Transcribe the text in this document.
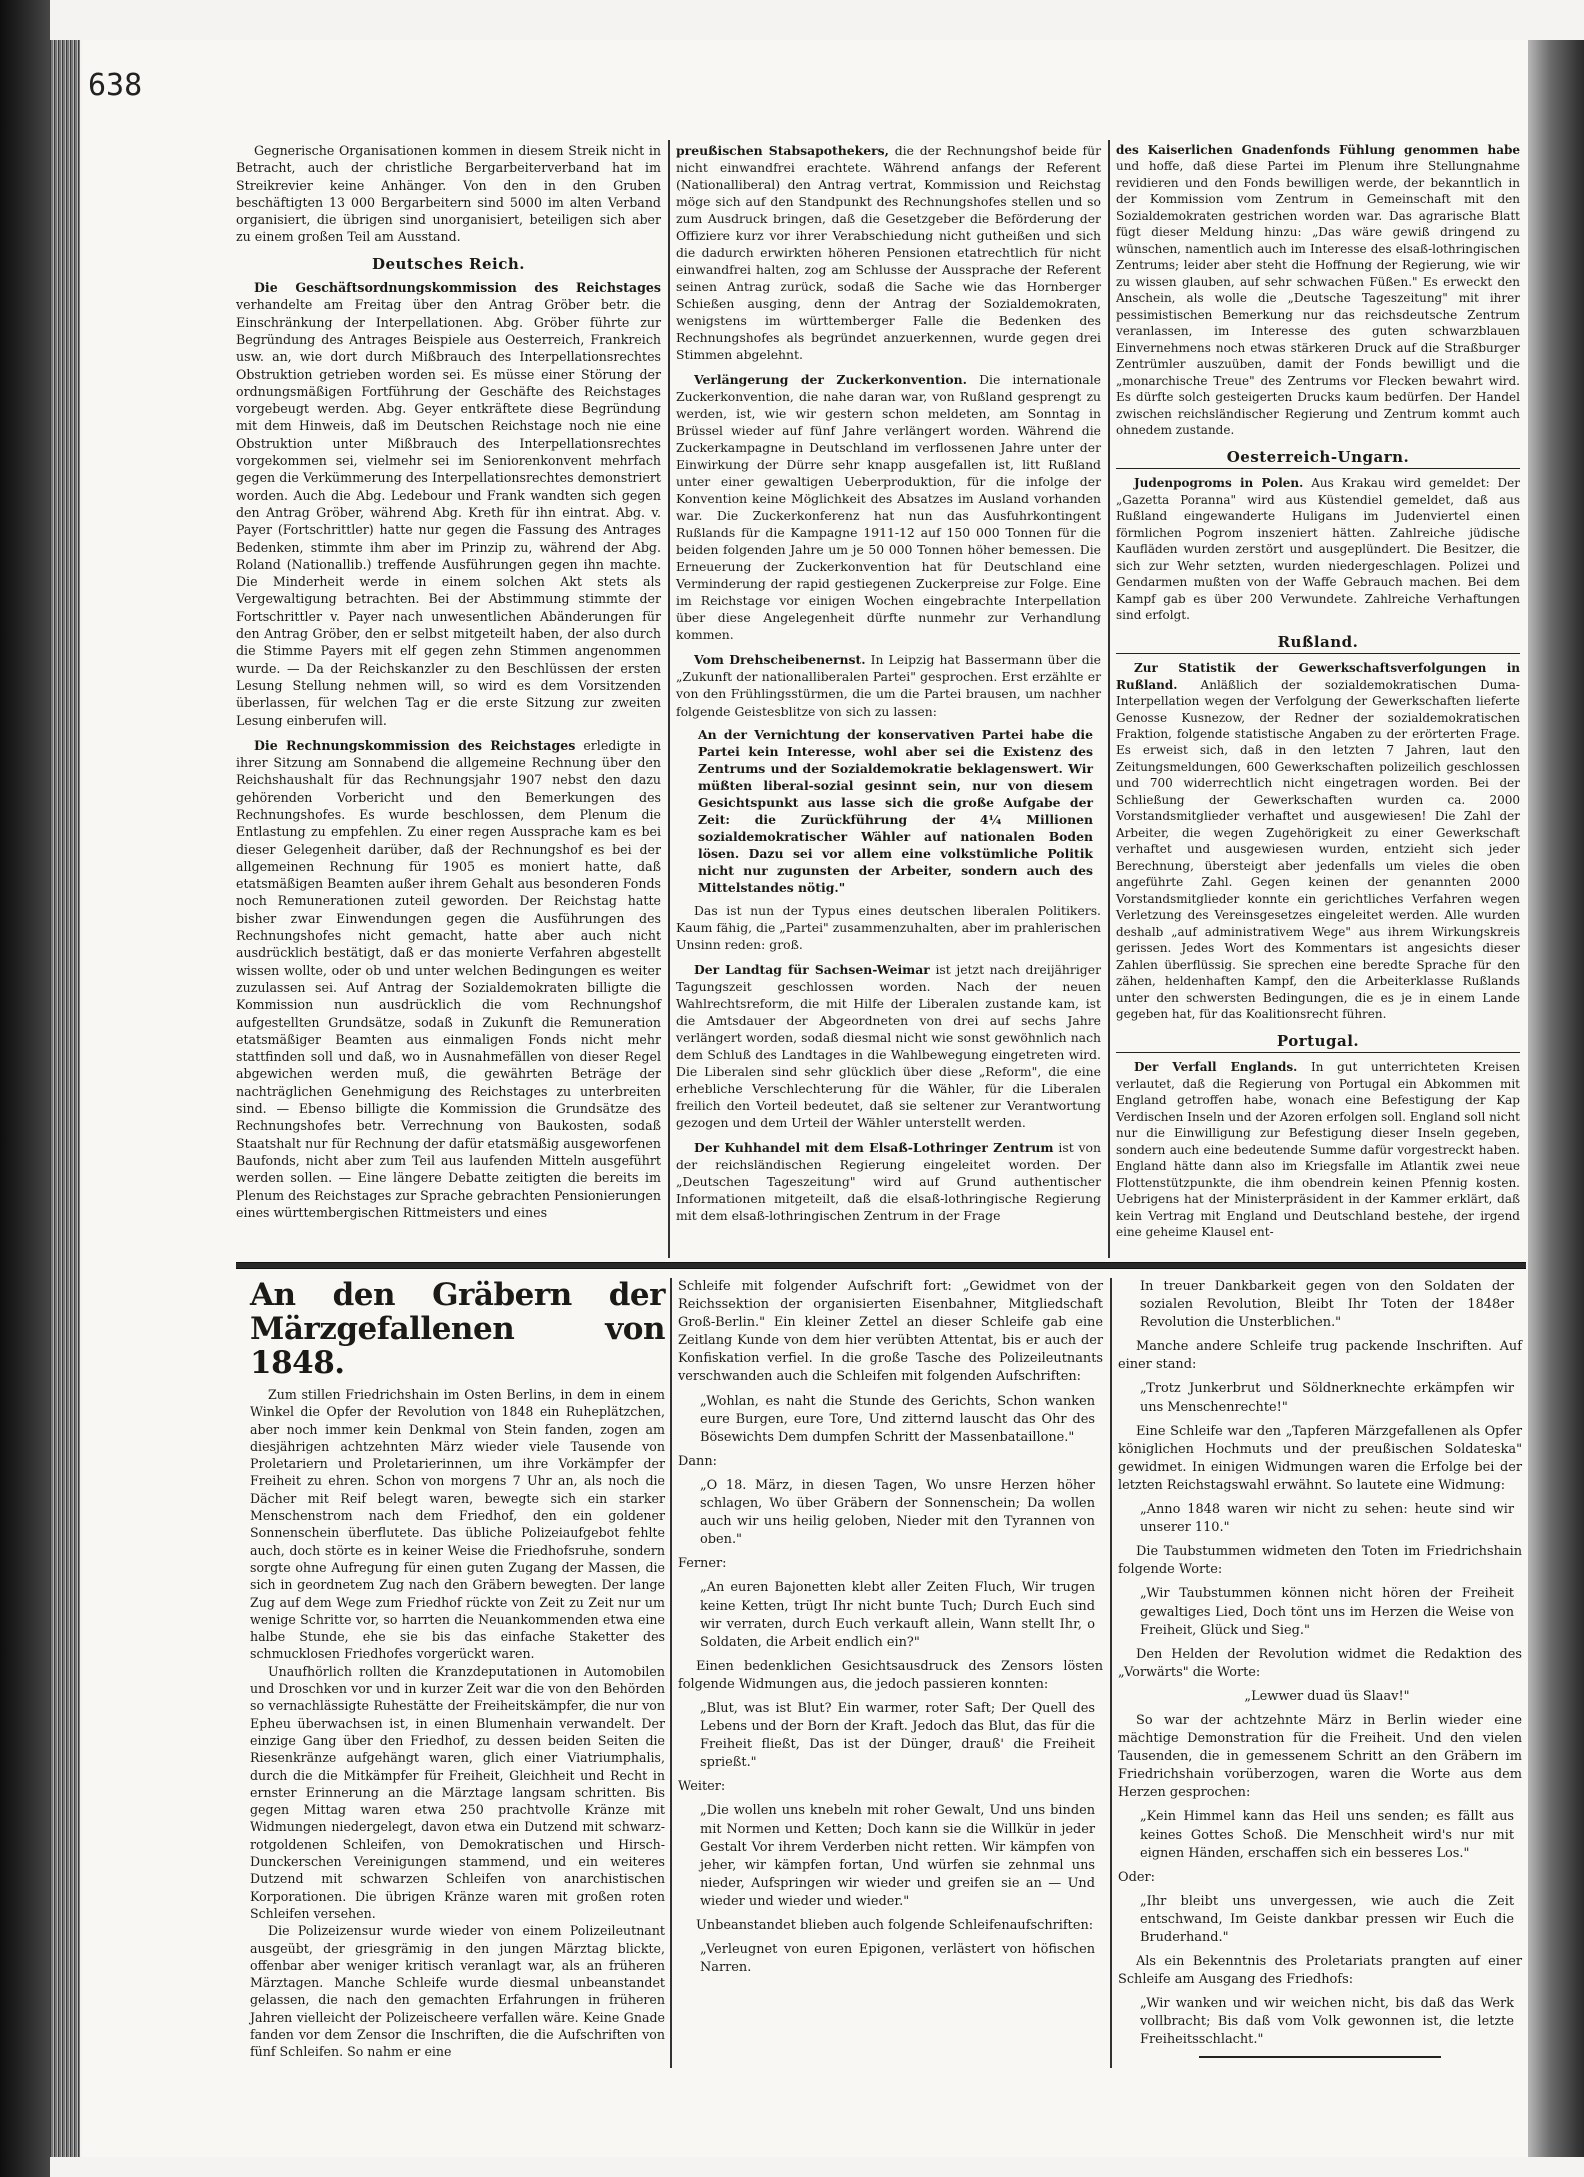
638

Gegnerische Organisationen kommen in diesem Streik nicht in Betracht, auch der christliche Bergarbeiterverband hat im Streikrevier keine Anhänger. Von den in den Gruben beschäftigten 13 000 Bergarbeitern sind 5000 im alten Verband organisiert, die übrigen sind unorganisiert, beteiligen sich aber zu einem großen Teil am Ausstand.

Deutsches Reich.

Die Geschäftsordnungskommission des Reichstages verhandelte am Freitag über den Antrag Gröber betr. die Einschränkung der Interpellationen. Abg. Gröber führte zur Begründung des Antrages Beispiele aus Oesterreich, Frankreich usw. an, wie dort durch Mißbrauch des Interpellationsrechtes Obstruktion getrieben worden sei. Es müsse einer Störung der ordnungsmäßigen Fortführung der Geschäfte des Reichstages vorgebeugt werden. Abg. Geyer entkräftete diese Begründung mit dem Hinweis, daß im Deutschen Reichstage noch nie eine Obstruktion unter Mißbrauch des Interpellationsrechtes vorgekommen sei, vielmehr sei im Seniorenkonvent mehrfach gegen die Verkümmerung des Interpellationsrechtes demonstriert worden. Auch die Abg. Ledebour und Frank wandten sich gegen den Antrag Gröber, während Abg. Kreth für ihn eintrat. Abg. v. Payer (Fortschrittler) hatte nur gegen die Fassung des Antrages Bedenken, stimmte ihm aber im Prinzip zu, während der Abg. Roland (Nationallib.) treffende Ausführungen gegen ihn machte. Die Minderheit werde in einem solchen Akt stets als Vergewaltigung betrachten. Bei der Abstimmung stimmte der Fortschrittler v. Payer nach unwesentlichen Abänderungen für den Antrag Gröber, den er selbst mitgeteilt haben, der also durch die Stimme Payers mit elf gegen zehn Stimmen angenommen wurde. — Da der Reichskanzler zu den Beschlüssen der ersten Lesung Stellung nehmen will, so wird es dem Vorsitzenden überlassen, für welchen Tag er die erste Sitzung zur zweiten Lesung einberufen will.

Die Rechnungskommission des Reichstages erledigte in ihrer Sitzung am Sonnabend die allgemeine Rechnung über den Reichshaushalt für das Rechnungsjahr 1907 nebst den dazu gehörenden Vorbericht und den Bemerkungen des Rechnungshofes. Es wurde beschlossen, dem Plenum die Entlastung zu empfehlen. Zu einer regen Aussprache kam es bei dieser Gelegenheit darüber, daß der Rechnungshof es bei der allgemeinen Rechnung für 1905 es moniert hatte, daß etatsmäßigen Beamten außer ihrem Gehalt aus besonderen Fonds noch Remunerationen zuteil geworden. Der Reichstag hatte bisher zwar Einwendungen gegen die Ausführungen des Rechnungshofes nicht gemacht, hatte aber auch nicht ausdrücklich bestätigt, daß er das monierte Verfahren abgestellt wissen wollte, oder ob und unter welchen Bedingungen es weiter zuzulassen sei. Auf Antrag der Sozialdemokraten billigte die Kommission nun ausdrücklich die vom Rechnungshof aufgestellten Grundsätze, sodaß in Zukunft die Remuneration etatsmäßiger Beamten aus einmaligen Fonds nicht mehr stattfinden soll und daß, wo in Ausnahmefällen von dieser Regel abgewichen werden muß, die gewährten Beträge der nachträglichen Genehmigung des Reichstages zu unterbreiten sind. — Ebenso billigte die Kommission die Grundsätze des Rechnungshofes betr. Verrechnung von Baukosten, sodaß Staatshalt nur für Rechnung der dafür etatsmäßig ausgeworfenen Baufonds, nicht aber zum Teil aus laufenden Mitteln ausgeführt werden sollen. — Eine längere Debatte zeitigten die bereits im Plenum des Reichstages zur Sprache gebrachten Pensionierungen eines württembergischen Rittmeisters und eines

preußischen Stabsapothekers, die der Rechnungshof beide für nicht einwandfrei erachtete. Während anfangs der Referent (Nationalliberal) den Antrag vertrat, Kommission und Reichstag möge sich auf den Standpunkt des Rechnungshofes stellen und so zum Ausdruck bringen, daß die Gesetzgeber die Beförderung der Offiziere kurz vor ihrer Verabschiedung nicht gutheißen und sich die dadurch erwirkten höheren Pensionen etatrechtlich für nicht einwandfrei halten, zog am Schlusse der Aussprache der Referent seinen Antrag zurück, sodaß die Sache wie das Hornberger Schießen ausging, denn der Antrag der Sozialdemokraten, wenigstens im württemberger Falle die Bedenken des Rechnungshofes als begründet anzuerkennen, wurde gegen drei Stimmen abgelehnt.

Verlängerung der Zuckerkonvention. Die internationale Zuckerkonvention, die nahe daran war, von Rußland gesprengt zu werden, ist, wie wir gestern schon meldeten, am Sonntag in Brüssel wieder auf fünf Jahre verlängert worden. Während die Zuckerkampagne in Deutschland im verflossenen Jahre unter der Einwirkung der Dürre sehr knapp ausgefallen ist, litt Rußland unter einer gewaltigen Ueberproduktion, für die infolge der Konvention keine Möglichkeit des Absatzes im Ausland vorhanden war. Die Zuckerkonferenz hat nun das Ausfuhrkontingent Rußlands für die Kampagne 1911-12 auf 150 000 Tonnen für die beiden folgenden Jahre um je 50 000 Tonnen höher bemessen. Die Erneuerung der Zuckerkonvention hat für Deutschland eine Verminderung der rapid gestiegenen Zuckerpreise zur Folge. Eine im Reichstage vor einigen Wochen eingebrachte Interpellation über diese Angelegenheit dürfte nunmehr zur Verhandlung kommen.

Vom Drehscheibenernst. In Leipzig hat Bassermann über die „Zukunft der nationalliberalen Partei" gesprochen. Erst erzählte er von den Frühlingsstürmen, die um die Partei brausen, um nachher folgende Geistesblitze von sich zu lassen:

An der Vernichtung der konservativen Partei habe die Partei kein Interesse, wohl aber sei die Existenz des Zentrums und der Sozialdemokratie beklagenswert. Wir müßten liberal-sozial gesinnt sein, nur von diesem Gesichtspunkt aus lasse sich die große Aufgabe der Zeit: die Zurückführung der 4¼ Millionen sozialdemokratischer Wähler auf nationalen Boden lösen. Dazu sei vor allem eine volkstümliche Politik nicht nur zugunsten der Arbeiter, sondern auch des Mittelstandes nötig."

Das ist nun der Typus eines deutschen liberalen Politikers. Kaum fähig, die „Partei" zusammenzuhalten, aber im prahlerischen Unsinn reden: groß.

Der Landtag für Sachsen-Weimar ist jetzt nach dreijähriger Tagungszeit geschlossen worden. Nach der neuen Wahlrechtsreform, die mit Hilfe der Liberalen zustande kam, ist die Amtsdauer der Abgeordneten von drei auf sechs Jahre verlängert worden, sodaß diesmal nicht wie sonst gewöhnlich nach dem Schluß des Landtages in die Wahlbewegung eingetreten wird. Die Liberalen sind sehr glücklich über diese „Reform", die eine erhebliche Verschlechterung für die Wähler, für die Liberalen freilich den Vorteil bedeutet, daß sie seltener zur Verantwortung gezogen und dem Urteil der Wähler unterstellt werden.

Der Kuhhandel mit dem Elsaß-Lothringer Zentrum ist von der reichsländischen Regierung eingeleitet worden. Der „Deutschen Tageszeitung" wird auf Grund authentischer Informationen mitgeteilt, daß die elsaß-lothringische Regierung mit dem elsaß-lothringischen Zentrum in der Frage

des Kaiserlichen Gnadenfonds Fühlung genommen habe und hoffe, daß diese Partei im Plenum ihre Stellungnahme revidieren und den Fonds bewilligen werde, der bekanntlich in der Kommission vom Zentrum in Gemeinschaft mit den Sozialdemokraten gestrichen worden war. Das agrarische Blatt fügt dieser Meldung hinzu: „Das wäre gewiß dringend zu wünschen, namentlich auch im Interesse des elsaß-lothringischen Zentrums; leider aber steht die Hoffnung der Regierung, wie wir zu wissen glauben, auf sehr schwachen Füßen." Es erweckt den Anschein, als wolle die „Deutsche Tageszeitung" mit ihrer pessimistischen Bemerkung nur das reichsdeutsche Zentrum veranlassen, im Interesse des guten schwarzblauen Einvernehmens noch etwas stärkeren Druck auf die Straßburger Zentrümler auszuüben, damit der Fonds bewilligt und die „monarchische Treue" des Zentrums vor Flecken bewahrt wird. Es dürfte solch gesteigerten Drucks kaum bedürfen. Der Handel zwischen reichsländischer Regierung und Zentrum kommt auch ohnedem zustande.

Oesterreich-Ungarn.

Judenpogroms in Polen. Aus Krakau wird gemeldet: Der „Gazetta Poranna" wird aus Küstendiel gemeldet, daß aus Rußland eingewanderte Huligans im Judenviertel einen förmlichen Pogrom inszeniert hätten. Zahlreiche jüdische Kaufläden wurden zerstört und ausgeplündert. Die Besitzer, die sich zur Wehr setzten, wurden niedergeschlagen. Polizei und Gendarmen mußten von der Waffe Gebrauch machen. Bei dem Kampf gab es über 200 Verwundete. Zahlreiche Verhaftungen sind erfolgt.

Rußland.

Zur Statistik der Gewerkschaftsverfolgungen in Rußland. Anläßlich der sozialdemokratischen Duma-Interpellation wegen der Verfolgung der Gewerkschaften lieferte Genosse Kusnezow, der Redner der sozialdemokratischen Fraktion, folgende statistische Angaben zu der erörterten Frage. Es erweist sich, daß in den letzten 7 Jahren, laut den Zeitungsmeldungen, 600 Gewerkschaften polizeilich geschlossen und 700 widerrechtlich nicht eingetragen worden. Bei der Schließung der Gewerkschaften wurden ca. 2000 Vorstandsmitglieder verhaftet und ausgewiesen! Die Zahl der Arbeiter, die wegen Zugehörigkeit zu einer Gewerkschaft verhaftet und ausgewiesen wurden, entzieht sich jeder Berechnung, übersteigt aber jedenfalls um vieles die oben angeführte Zahl. Gegen keinen der genannten 2000 Vorstandsmitglieder konnte ein gerichtliches Verfahren wegen Verletzung des Vereinsgesetzes eingeleitet werden. Alle wurden deshalb „auf administrativem Wege" aus ihrem Wirkungskreis gerissen. Jedes Wort des Kommentars ist angesichts dieser Zahlen überflüssig. Sie sprechen eine beredte Sprache für den zähen, heldenhaften Kampf, den die Arbeiterklasse Rußlands unter den schwersten Bedingungen, die es je in einem Lande gegeben hat, für das Koalitionsrecht führen.

Portugal.

Der Verfall Englands. In gut unterrichteten Kreisen verlautet, daß die Regierung von Portugal ein Abkommen mit England getroffen habe, wonach eine Befestigung der Kap Verdischen Inseln und der Azoren erfolgen soll. England soll nicht nur die Einwilligung zur Befestigung dieser Inseln gegeben, sondern auch eine bedeutende Summe dafür vorgestreckt haben. England hätte dann also im Kriegsfalle im Atlantik zwei neue Flottenstützpunkte, die ihm obendrein keinen Pfennig kosten. Uebrigens hat der Ministerpräsident in der Kammer erklärt, daß kein Vertrag mit England und Deutschland bestehe, der irgend eine geheime Klausel ent-

An den Gräbern der Märzgefallenen von 1848.

Zum stillen Friedrichshain im Osten Berlins, in dem in einem Winkel die Opfer der Revolution von 1848 ein Ruheplätzchen, aber noch immer kein Denkmal von Stein fanden, zogen am diesjährigen achtzehnten März wieder viele Tausende von Proletariern und Proletarierinnen, um ihre Vorkämpfer der Freiheit zu ehren. Schon von morgens 7 Uhr an, als noch die Dächer mit Reif belegt waren, bewegte sich ein starker Menschenstrom nach dem Friedhof, den ein goldener Sonnenschein überflutete. Das übliche Polizeiaufgebot fehlte auch, doch störte es in keiner Weise die Friedhofsruhe, sondern sorgte ohne Aufregung für einen guten Zugang der Massen, die sich in geordnetem Zug nach den Gräbern bewegten. Der lange Zug auf dem Wege zum Friedhof rückte von Zeit zu Zeit nur um wenige Schritte vor, so harrten die Neuankommenden etwa eine halbe Stunde, ehe sie bis das einfache Staketter des schmucklosen Friedhofes vorgerückt waren.

Unaufhörlich rollten die Kranzdeputationen in Automobilen und Droschken vor und in kurzer Zeit war die von den Behörden so vernachlässigte Ruhestätte der Freiheitskämpfer, die nur von Epheu überwachsen ist, in einen Blumenhain verwandelt. Der einzige Gang über den Friedhof, zu dessen beiden Seiten die Riesenkränze aufgehängt waren, glich einer Viatriumphalis, durch die die Mitkämpfer für Freiheit, Gleichheit und Recht in ernster Erinnerung an die Märztage langsam schritten. Bis gegen Mittag waren etwa 250 prachtvolle Kränze mit Widmungen niedergelegt, davon etwa ein Dutzend mit schwarz-rotgoldenen Schleifen, von Demokratischen und Hirsch-Dunckerschen Vereinigungen stammend, und ein weiteres Dutzend mit schwarzen Schleifen von anarchistischen Korporationen. Die übrigen Kränze waren mit großen roten Schleifen versehen.

Die Polizeizensur wurde wieder von einem Polizeileutnant ausgeübt, der griesgrämig in den jungen Märztag blickte, offenbar aber weniger kritisch veranlagt war, als an früheren Märztagen. Manche Schleife wurde diesmal unbeanstandet gelassen, die nach den gemachten Erfahrungen in früheren Jahren vielleicht der Polizeischeere verfallen wäre. Keine Gnade fanden vor dem Zensor die Inschriften, die die Aufschriften von fünf Schleifen. So nahm er eine

Schleife mit folgender Aufschrift fort: „Gewidmet von der Reichssektion der organisierten Eisenbahner, Mitgliedschaft Groß-Berlin." Ein kleiner Zettel an dieser Schleife gab eine Zeitlang Kunde von dem hier verübten Attentat, bis er auch der Konfiskation verfiel. In die große Tasche des Polizeileutnants verschwanden auch die Schleifen mit folgenden Aufschriften:

„Wohlan, es naht die Stunde des Gerichts, Schon wanken eure Burgen, eure Tore, Und zitternd lauscht das Ohr des Bösewichts Dem dumpfen Schritt der Massenbataillone."

Dann:

„O 18. März, in diesen Tagen, Wo unsre Herzen höher schlagen, Wo über Gräbern der Sonnenschein; Da wollen auch wir uns heilig geloben, Nieder mit den Tyrannen von oben."

Ferner:

„An euren Bajonetten klebt aller Zeiten Fluch, Wir trugen keine Ketten, trügt Ihr nicht bunte Tuch; Durch Euch sind wir verraten, durch Euch verkauft allein, Wann stellt Ihr, o Soldaten, die Arbeit endlich ein?"

Einen bedenklichen Gesichtsausdruck des Zensors lösten folgende Widmungen aus, die jedoch passieren konnten:

„Blut, was ist Blut? Ein warmer, roter Saft; Der Quell des Lebens und der Born der Kraft. Jedoch das Blut, das für die Freiheit fließt, Das ist der Dünger, drauß' die Freiheit sprießt."

Weiter:

„Die wollen uns knebeln mit roher Gewalt, Und uns binden mit Normen und Ketten; Doch kann sie die Willkür in jeder Gestalt Vor ihrem Verderben nicht retten. Wir kämpfen von jeher, wir kämpfen fortan, Und würfen sie zehnmal uns nieder, Aufspringen wir wieder und greifen sie an — Und wieder und wieder und wieder."

Unbeanstandet blieben auch folgende Schleifenaufschriften:

„Verleugnet von euren Epigonen, verlästert von höfischen Narren.

In treuer Dankbarkeit gegen von den Soldaten der sozialen Revolution, Bleibt Ihr Toten der 1848er Revolution die Unsterblichen."

Manche andere Schleife trug packende Inschriften. Auf einer stand:

„Trotz Junkerbrut und Söldnerknechte erkämpfen wir uns Menschenrechte!"

Eine Schleife war den „Tapferen Märzgefallenen als Opfer königlichen Hochmuts und der preußischen Soldateska" gewidmet. In einigen Widmungen waren die Erfolge bei der letzten Reichstagswahl erwähnt. So lautete eine Widmung:

„Anno 1848 waren wir nicht zu sehen: heute sind wir unserer 110."

Die Taubstummen widmeten den Toten im Friedrichshain folgende Worte:

„Wir Taubstummen können nicht hören der Freiheit gewaltiges Lied, Doch tönt uns im Herzen die Weise von Freiheit, Glück und Sieg."

Den Helden der Revolution widmet die Redaktion des „Vorwärts" die Worte:

„Lewwer duad üs Slaav!"

So war der achtzehnte März in Berlin wieder eine mächtige Demonstration für die Freiheit. Und den vielen Tausenden, die in gemessenem Schritt an den Gräbern im Friedrichshain vorüberzogen, waren die Worte aus dem Herzen gesprochen:

„Kein Himmel kann das Heil uns senden; es fällt aus keines Gottes Schoß. Die Menschheit wird's nur mit eignen Händen, erschaffen sich ein besseres Los."

Oder:

„Ihr bleibt uns unvergessen, wie auch die Zeit entschwand, Im Geiste dankbar pressen wir Euch die Bruderhand."

Als ein Bekenntnis des Proletariats prangten auf einer Schleife am Ausgang des Friedhofs:

„Wir wanken und wir weichen nicht, bis daß das Werk vollbracht; Bis daß vom Volk gewonnen ist, die letzte Freiheitsschlacht."
